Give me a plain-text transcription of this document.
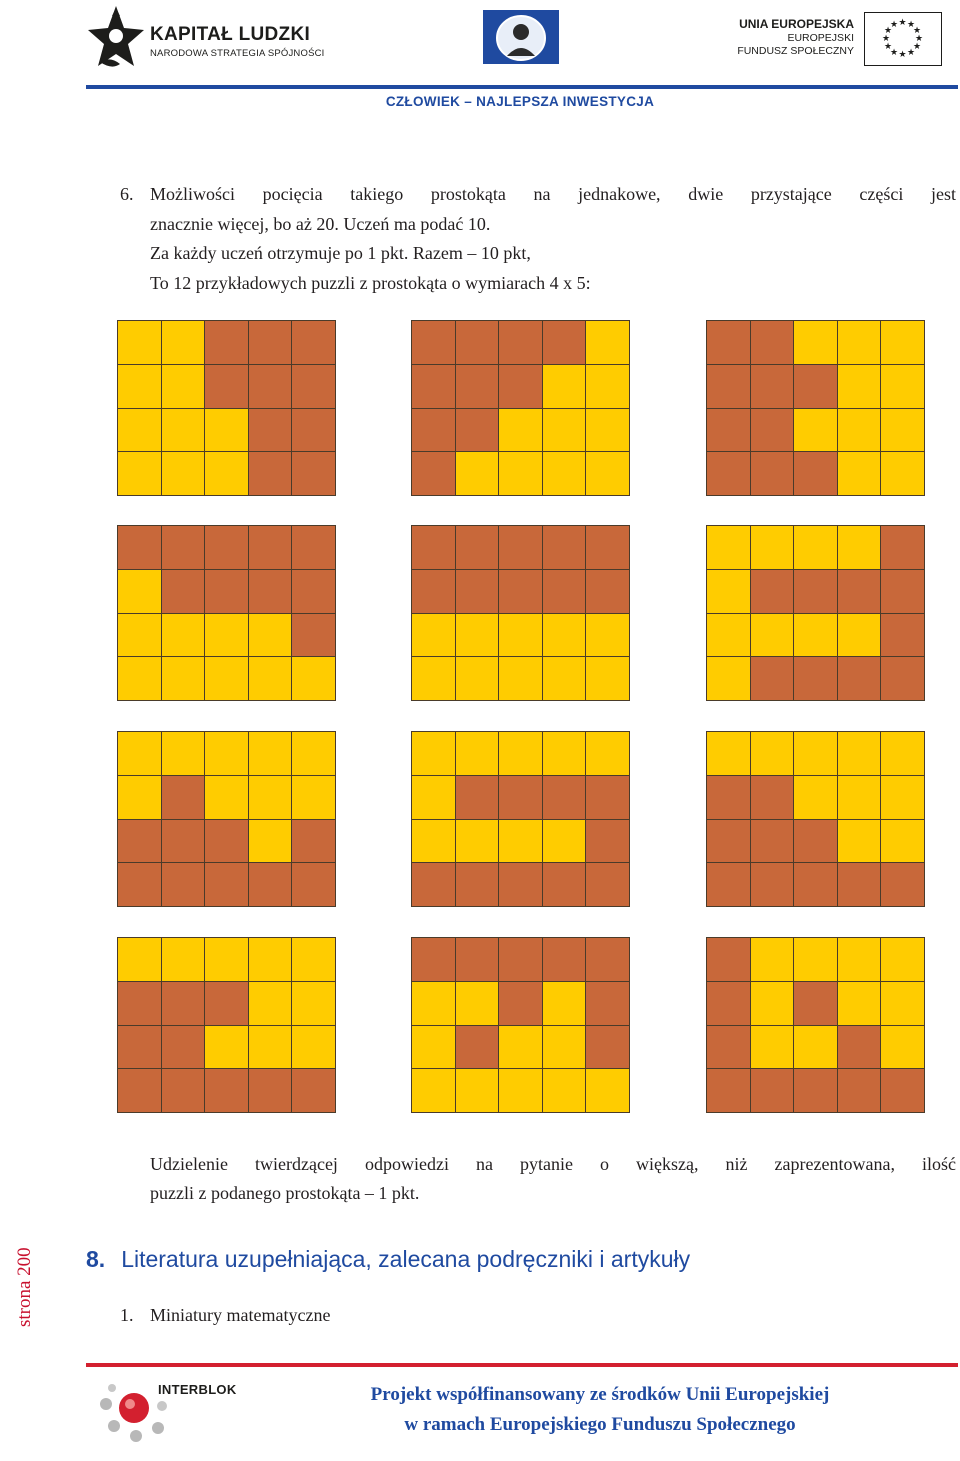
KAPITAŁ LUDZKI
NARODOWA STRATEGIA SPÓJNOŚCI
UNIA EUROPEJSKA
EUROPEJSKI
FUNDUSZ SPOŁECZNY
★ ★
★
★
★
★
★
★
★
★
★
★
CZŁOWIEK – NAJLEPSZA INWESTYCJA
6. Możliwości pocięcia takiego prostokąta na jednakowe, dwie przystające części jest
znacznie więcej, bo aż 20. Uczeń ma podać 10.
Za każdy uczeń otrzymuje po 1 pkt. Razem – 10 pkt,
To 12 przykładowych puzzli z prostokąta o wymiarach 4 x 5:
Udzielenie twierdzącej odpowiedzi na pytanie o większą, niż zaprezentowana, ilość
puzzli z podanego prostokąta – 1 pkt.
strona 200 8. Literatura uzupełniająca, zalecana podręczniki i artykuły
1. Miniatury matematyczne
INTERBLOK	Projekt współfinansowany ze środków Unii Europejskiej
w ramach Europejskiego Funduszu Społecznego
